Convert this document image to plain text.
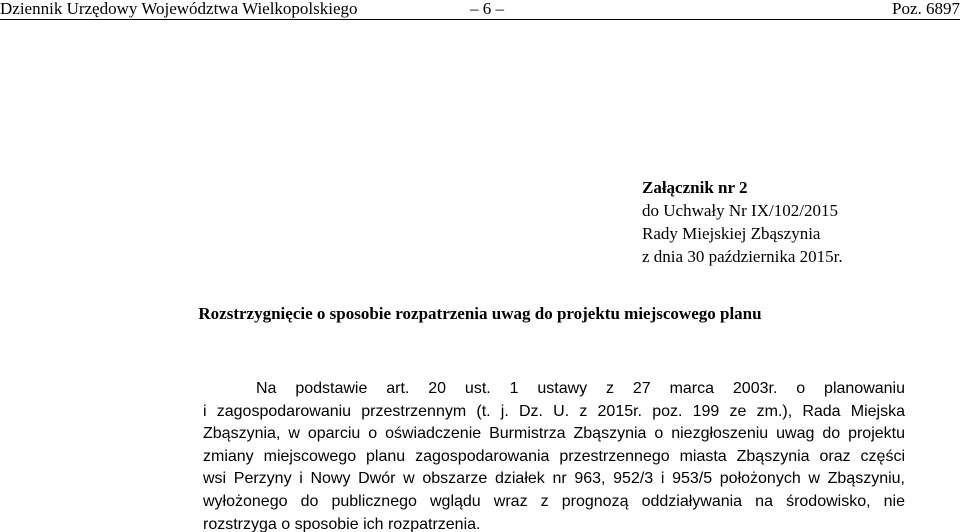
Dziennik Urzędowy Województwa Wielkopolskiego	– 6 –	Poz. 6897
Załącznik nr 2
do Uchwały Nr IX/102/2015
Rady Miejskiej Zbąszynia
z dnia 30 października 2015r.
Rozstrzygnięcie o sposobie rozpatrzenia uwag do projektu miejscowego planu
Na podstawie art. 20 ust. 1 ustawy z 27 marca 2003r. o planowaniu
i zagospodarowaniu przestrzennym (t. j. Dz. U. z 2015r. poz. 199 ze zm.), Rada Miejska
Zbąszynia, w oparciu o oświadczenie Burmistrza Zbąszynia o niezgłoszeniu uwag do projektu
zmiany miejscowego planu zagospodarowania przestrzennego miasta Zbąszynia oraz części
wsi Perzyny i Nowy Dwór w obszarze działek nr 963, 952/3 i 953/5 położonych w Zbąszyniu,
wyłożonego do publicznego wglądu wraz z prognozą oddziaływania na środowisko, nie
rozstrzyga o sposobie ich rozpatrzenia.
